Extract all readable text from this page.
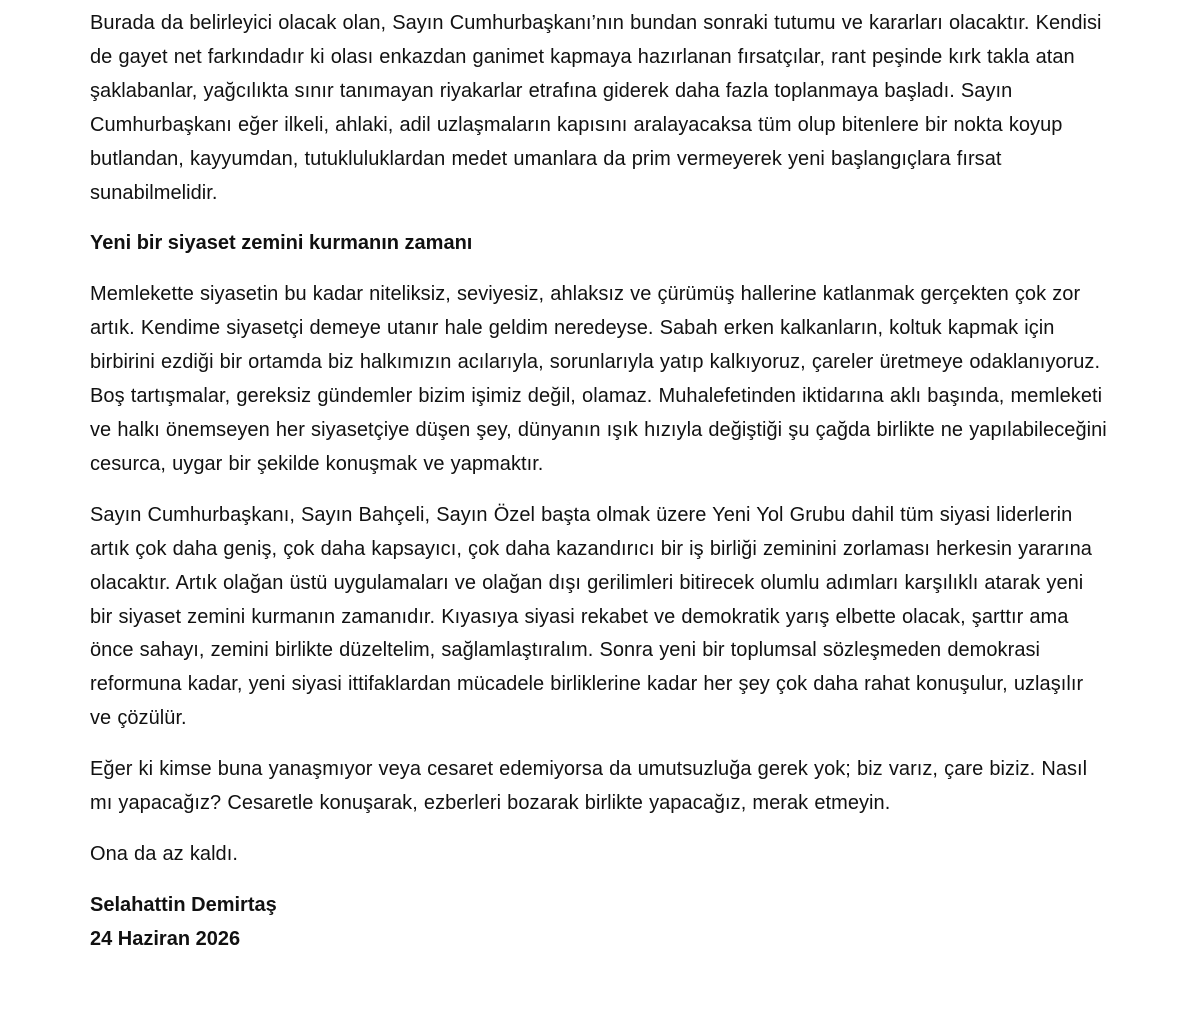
Burada da belirleyici olacak olan, Sayın Cumhurbaşkanı’nın bundan sonraki tutumu ve kararları olacaktır. Kendisi de gayet net farkındadır ki olası enkazdan ganimet kapmaya hazırlanan fırsatçılar, rant peşinde kırk takla atan şaklabanlar, yağcılıkta sınır tanımayan riyakarlar etrafına giderek daha fazla toplanmaya başladı. Sayın Cumhurbaşkanı eğer ilkeli, ahlaki, adil uzlaşmaların kapısını aralayacaksa tüm olup bitenlere bir nokta koyup butlandan, kayyumdan, tutukluluklardan medet umanlara da prim vermeyerek yeni başlangıçlara fırsat sunabilmelidir.

Yeni bir siyaset zemini kurmanın zamanı

Memlekette siyasetin bu kadar niteliksiz, seviyesiz, ahlaksız ve çürümüş hallerine katlanmak gerçekten çok zor artık. Kendime siyasetçi demeye utanır hale geldim neredeyse. Sabah erken kalkanların, koltuk kapmak için birbirini ezdiği bir ortamda biz halkımızın acılarıyla, sorunlarıyla yatıp kalkıyoruz, çareler üretmeye odaklanıyoruz. Boş tartışmalar, gereksiz gündemler bizim işimiz değil, olamaz. Muhalefetinden iktidarına aklı başında, memleketi ve halkı önemseyen her siyasetçiye düşen şey, dünyanın ışık hızıyla değiştiği şu çağda birlikte ne yapılabileceğini cesurca, uygar bir şekilde konuşmak ve yapmaktır.

Sayın Cumhurbaşkanı, Sayın Bahçeli, Sayın Özel başta olmak üzere Yeni Yol Grubu dahil tüm siyasi liderlerin artık çok daha geniş, çok daha kapsayıcı, çok daha kazandırıcı bir iş birliği zeminini zorlaması herkesin yararına olacaktır. Artık olağan üstü uygulamaları ve olağan dışı gerilimleri bitirecek olumlu adımları karşılıklı atarak yeni bir siyaset zemini kurmanın zamanıdır. Kıyasıya siyasi rekabet ve demokratik yarış elbette olacak, şarttır ama önce sahayı, zemini birlikte düzeltelim, sağlamlaştıralım. Sonra yeni bir toplumsal sözleşmeden demokrasi reformuna kadar, yeni siyasi ittifaklardan mücadele birliklerine kadar her şey çok daha rahat konuşulur, uzlaşılır ve çözülür.

Eğer ki kimse buna yanaşmıyor veya cesaret edemiyorsa da umutsuzluğa gerek yok; biz varız, çare biziz. Nasıl mı yapacağız? Cesaretle konuşarak, ezberleri bozarak birlikte yapacağız, merak etmeyin.

Ona da az kaldı.

Selahattin Demirtaş

24 Haziran 2026
